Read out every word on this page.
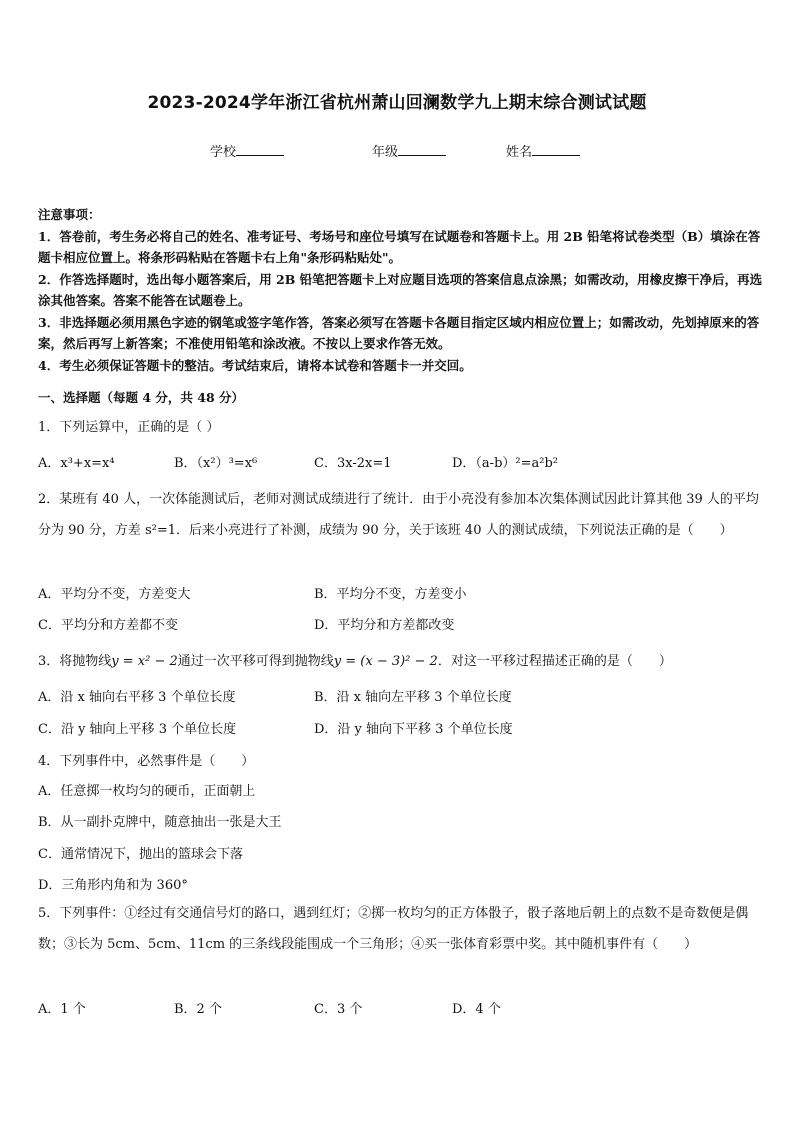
2023-2024学年浙江省杭州萧山回澜数学九上期末综合测试试题
学校	年级	姓名

注意事项：

1．答卷前，考生务必将自己的姓名、准考证号、考场号和座位号填写在试题卷和答题卡上。用 2B 铅笔将试卷类型（B）填涂在答题卡相应位置上。将条形码粘贴在答题卡右上角"条形码粘贴处"。

2．作答选择题时，选出每小题答案后，用 2B 铅笔把答题卡上对应题目选项的答案信息点涂黑；如需改动，用橡皮擦干净后，再选涂其他答案。答案不能答在试题卷上。

3．非选择题必须用黑色字迹的钢笔或签字笔作答，答案必须写在答题卡各题目指定区域内相应位置上；如需改动，先划掉原来的答案，然后再写上新答案；不准使用铅笔和涂改液。不按以上要求作答无效。

4．考生必须保证答题卡的整洁。考试结束后，请将本试卷和答题卡一并交回。

一、选择题（每题 4 分，共 48 分）
1．下列运算中，正确的是（ ）
A．x³+x=x⁴	B．（x²）³=x⁶	C．3x-2x=1	D．（a-b）²=a²b²
2．某班有 40 人，一次体能测试后，老师对测试成绩进行了统计．由于小亮没有参加本次集体测试因此计算其他 39 人的平均分为 90 分，方差 s²=1．后来小亮进行了补测，成绩为 90 分，关于该班 40 人的测试成绩，下列说法正确的是（　　）
A．平均分不变，方差变大	B．平均分不变，方差变小
C．平均分和方差都不变	D．平均分和方差都改变
3．将抛物线y = x² − 2通过一次平移可得到抛物线y = (x − 3)² − 2．对这一平移过程描述正确的是（　　）
A．沿 x 轴向右平移 3 个单位长度	B．沿 x 轴向左平移 3 个单位长度
C．沿 y 轴向上平移 3 个单位长度	D．沿 y 轴向下平移 3 个单位长度
4．下列事件中，必然事件是（　　）
A．任意掷一枚均匀的硬币，正面朝上
B．从一副扑克牌中，随意抽出一张是大王
C．通常情况下，抛出的篮球会下落
D．三角形内角和为 360°
5．下列事件：①经过有交通信号灯的路口，遇到红灯；②掷一枚均匀的正方体骰子，骰子落地后朝上的点数不是奇数便是偶数；③长为 5cm、5cm、11cm 的三条线段能围成一个三角形；④买一张体育彩票中奖。其中随机事件有（　　）
A．1 个	B．2 个	C．3 个	D．4 个
